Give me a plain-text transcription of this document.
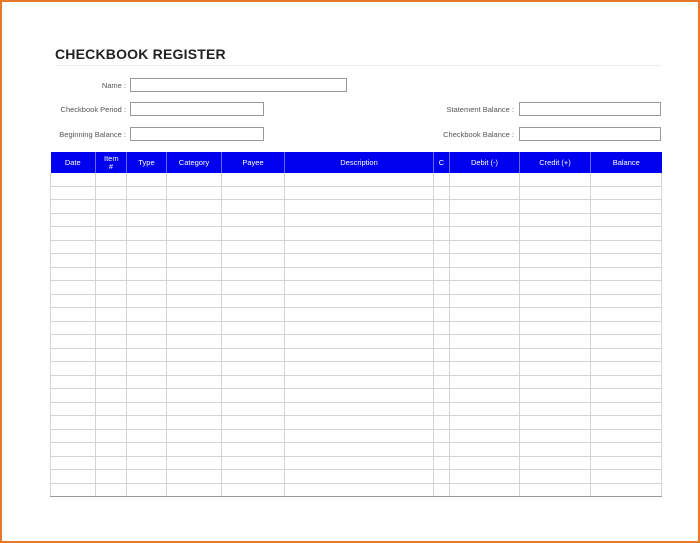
CHECKBOOK REGISTER
Name :
Checkbook Period :
Beginning Balance :
Statement Balance :
Checkbook Balance :
Date	Item #	Type	Category	Payee	Description	C	Debit (-)	Credit (+)	Balance
